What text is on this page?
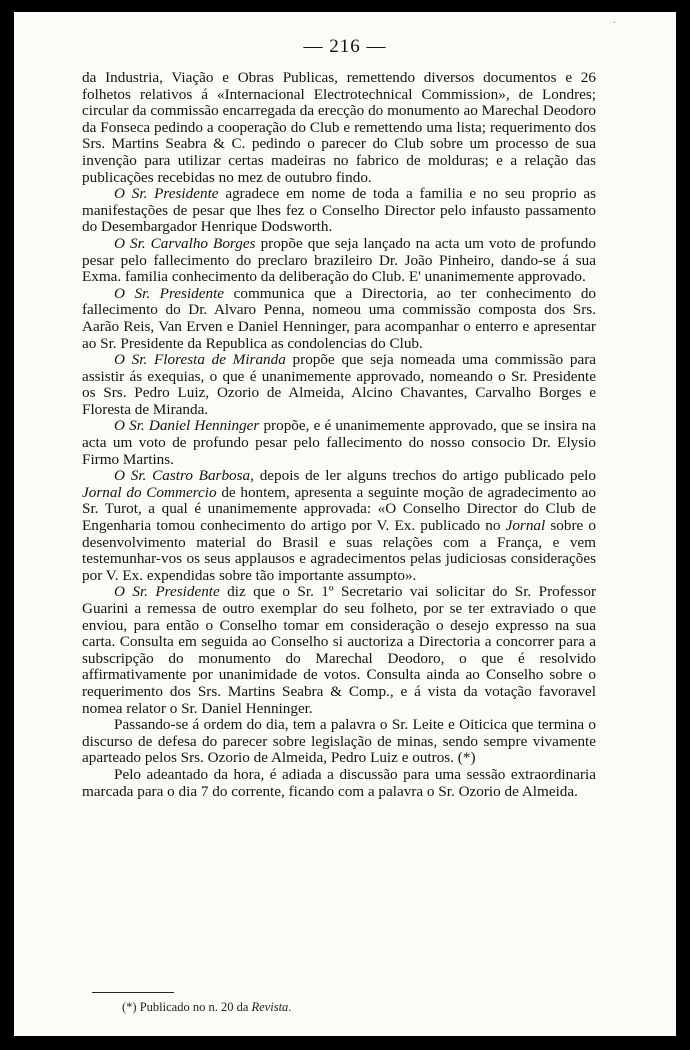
·
— 216 —

da Industria, Viação e Obras Publicas, remettendo diversos documentos e 26 folhetos relativos á «Internacional Electrotechnical Commission», de Londres; circular da commissão encarregada da erecção do monumento ao Marechal Deodoro da Fonseca pedindo a cooperação do Club e remettendo uma lista; requerimento dos Srs. Martins Seabra & C. pedindo o parecer do Club sobre um processo de sua invenção para utilizar certas madeiras no fabrico de molduras; e a relação das publicações recebidas no mez de outubro findo.

O Sr. Presidente agradece em nome de toda a familia e no seu proprio as manifestações de pesar que lhes fez o Conselho Director pelo infausto passamento do Desembargador Henrique Dodsworth.

O Sr. Carvalho Borges propõe que seja lançado na acta um voto de profundo pesar pelo fallecimento do preclaro brazileiro Dr. João Pinheiro, dando-se á sua Exma. familia conhecimento da deliberação do Club. E' unanimemente approvado.

O Sr. Presidente communica que a Directoria, ao ter conhecimento do fallecimento do Dr. Alvaro Penna, nomeou uma commissão composta dos Srs. Aarão Reis, Van Erven e Daniel Henninger, para acompanhar o enterro e apresentar ao Sr. Presidente da Republica as condolencias do Club.

O Sr. Floresta de Miranda propõe que seja nomeada uma commissão para assistir ás exequias, o que é unanimemente approvado, nomeando o Sr. Presidente os Srs. Pedro Luiz, Ozorio de Almeida, Alcino Chavantes, Carvalho Borges e Floresta de Miranda.

O Sr. Daniel Henninger propõe, e é unanimemente approvado, que se insira na acta um voto de profundo pesar pelo fallecimento do nosso consocio Dr. Elysio Firmo Martins.

O Sr. Castro Barbosa, depois de ler alguns trechos do artigo publicado pelo Jornal do Commercio de hontem, apresenta a seguinte moção de agradecimento ao Sr. Turot, a qual é unanimemente approvada: «O Conselho Director do Club de Engenharia tomou conhecimento do artigo por V. Ex. publicado no Jornal sobre o desenvolvimento material do Brasil e suas relações com a França, e vem testemunhar-vos os seus applausos e agradecimentos pelas judiciosas considerações por V. Ex. expendidas sobre tão importante assumpto».

O Sr. Presidente diz que o Sr. 1º Secretario vai solicitar do Sr. Professor Guarini a remessa de outro exemplar do seu folheto, por se ter extraviado o que enviou, para então o Conselho tomar em consideração o desejo expresso na sua carta. Consulta em seguida ao Conselho si auctoriza a Directoria a concorrer para a subscripção do monumento do Marechal Deodoro, o que é resolvido affirmativamente por unanimidade de votos. Consulta ainda ao Conselho sobre o requerimento dos Srs. Martins Seabra & Comp., e á vista da votação favoravel nomea relator o Sr. Daniel Henninger.

Passando-se á ordem do dia, tem a palavra o Sr. Leite e Oiticica que termina o discurso de defesa do parecer sobre legislação de minas, sendo sempre vivamente aparteado pelos Srs. Ozorio de Almeida, Pedro Luiz e outros. (*)

Pelo adeantado da hora, é adiada a discussão para uma sessão extraordinaria marcada para o dia 7 do corrente, ficando com a palavra o Sr. Ozorio de Almeida.

(*) Publicado no n. 20 da Revista.
